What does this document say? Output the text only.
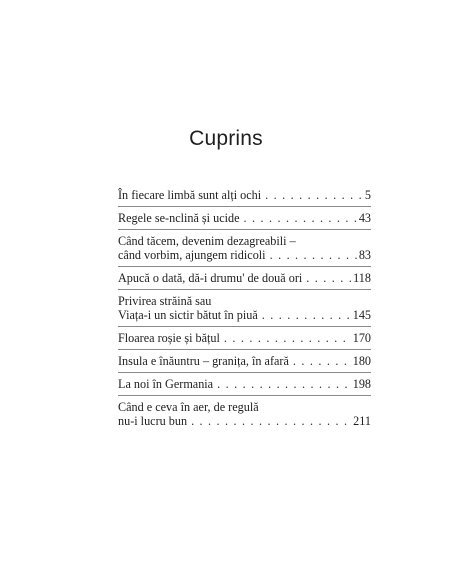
Cuprins
În fiecare limbă sunt alți ochi . . .	5
Regele se-nclină și ucide . . .	43
Când tăcem, devenim dezagreabili –
când vorbim, ajungem ridicoli . . .	83
Apucă o dată, dă-i drumu' de două ori . . .	118
Privirea străină sau
Viața-i un sictir bătut în piuă . . .	145
Floarea roșie și bățul . . .	170
Insula e înăuntru – granița, în afară . . .	180
La noi în Germania . . .	198
Când e ceva în aer, de regulă
nu-i lucru bun . . .	211
